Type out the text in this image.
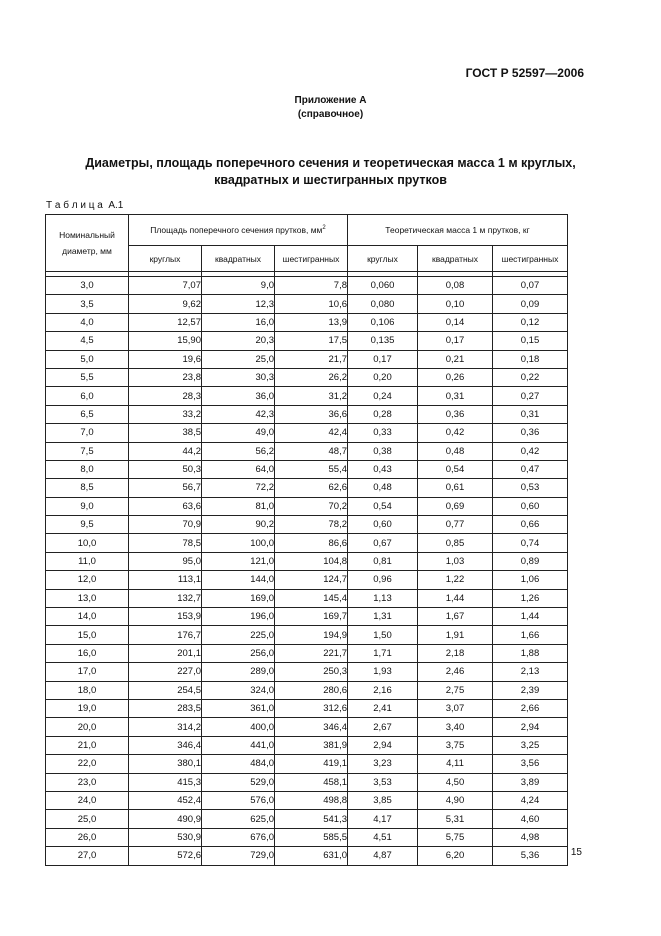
ГОСТ Р 52597—2006
Приложение А
(справочное)
Диаметры, площадь поперечного сечения и теоретическая масса 1 м круглых,
квадратных и шестигранных прутков
Т а б л и ц а  А.1
Номинальный диаметр, мм	Площадь поперечного сечения прутков, $мм^2$			Теоретическая масса 1 м прутков, кг		
	круглых	квадратных	шестигранных	круглых	квадратных	шестигранных

3,0	7,07	9,0	7,8	0,060	0,08	0,07
3,5	9,62	12,3	10,6	0,080	0,10	0,09
4,0	12,57	16,0	13,9	0,106	0,14	0,12
4,5	15,90	20,3	17,5	0,135	0,17	0,15
5,0	19,6	25,0	21,7	0,17	0,21	0,18
5,5	23,8	30,3	26,2	0,20	0,26	0,22
6,0	28,3	36,0	31,2	0,24	0,31	0,27
6,5	33,2	42,3	36,6	0,28	0,36	0,31
7,0	38,5	49,0	42,4	0,33	0,42	0,36
7,5	44,2	56,2	48,7	0,38	0,48	0,42
8,0	50,3	64,0	55,4	0,43	0,54	0,47
8,5	56,7	72,2	62,6	0,48	0,61	0,53
9,0	63,6	81,0	70,2	0,54	0,69	0,60
9,5	70,9	90,2	78,2	0,60	0,77	0,66
10,0	78,5	100,0	86,6	0,67	0,85	0,74
11,0	95,0	121,0	104,8	0,81	1,03	0,89
12,0	113,1	144,0	124,7	0,96	1,22	1,06
13,0	132,7	169,0	145,4	1,13	1,44	1,26
14,0	153,9	196,0	169,7	1,31	1,67	1,44
15,0	176,7	225,0	194,9	1,50	1,91	1,66
16,0	201,1	256,0	221,7	1,71	2,18	1,88
17,0	227,0	289,0	250,3	1,93	2,46	2,13
18,0	254,5	324,0	280,6	2,16	2,75	2,39
19,0	283,5	361,0	312,6	2,41	3,07	2,66
20,0	314,2	400,0	346,4	2,67	3,40	2,94
21,0	346,4	441,0	381,9	2,94	3,75	3,25
22,0	380,1	484,0	419,1	3,23	4,11	3,56
23,0	415,3	529,0	458,1	3,53	4,50	3,89
24,0	452,4	576,0	498,8	3,85	4,90	4,24
25,0	490,9	625,0	541,3	4,17	5,31	4,60
26,0	530,9	676,0	585,5	4,51	5,75	4,98
27,0	572,6	729,0	631,0	4,87	6,20	5,36	15
